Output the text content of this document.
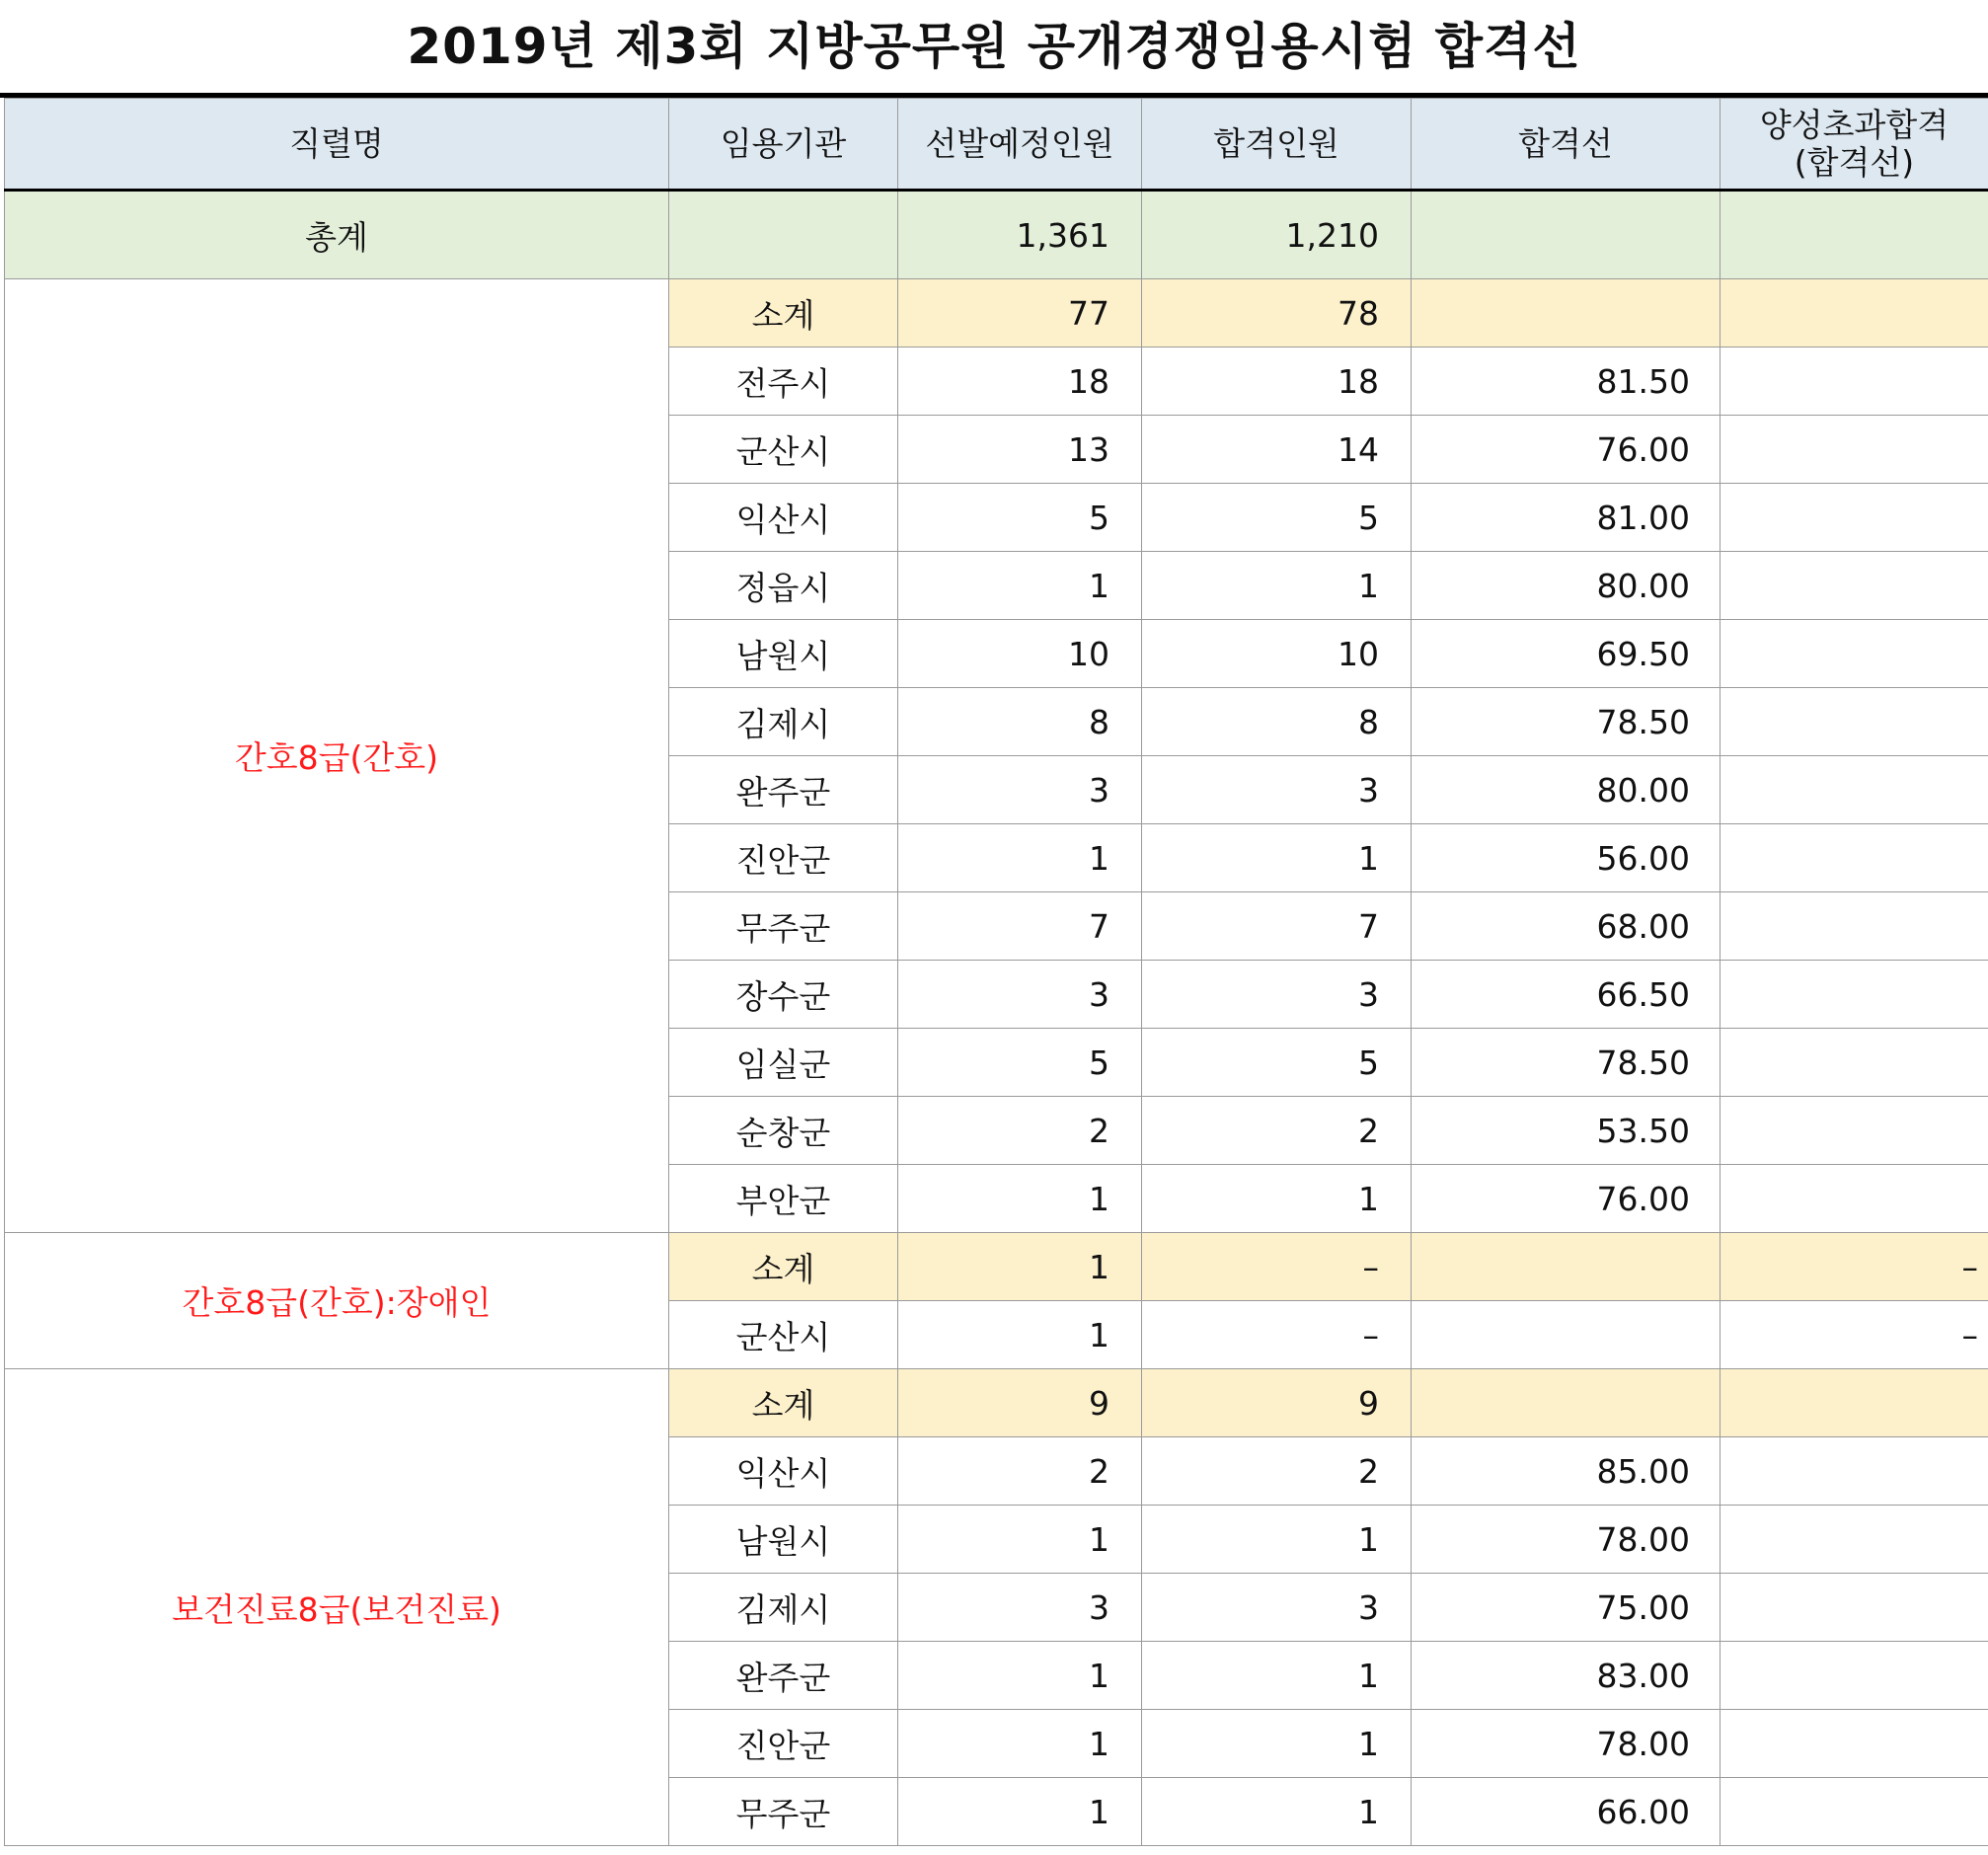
2019년 제3회 지방공무원 공개경쟁임용시험 합격선
직렬명	임용기관	선발예정인원	합격인원	합격선	양성초과합격
(합격선)
총계		1,361	1,210		
간호8급(간호)	소계	77	78		
	전주시	18	18	81.50	
	군산시	13	14	76.00	
	익산시	5	5	81.00	
	정읍시	1	1	80.00	
	남원시	10	10	69.50	
	김제시	8	8	78.50	
	완주군	3	3	80.00	
	진안군	1	1	56.00	
	무주군	7	7	68.00	
	장수군	3	3	66.50	
	임실군	5	5	78.50	
	순창군	2	2	53.50	
	부안군	1	1	76.00	
간호8급(간호):장애인	소계	1	–		–
	군산시	1	–		–
보건진료8급(보건진료)	소계	9	9		
	익산시	2	2	85.00	
	남원시	1	1	78.00	
	김제시	3	3	75.00	
	완주군	1	1	83.00	
	진안군	1	1	78.00	
	무주군	1	1	66.00	
